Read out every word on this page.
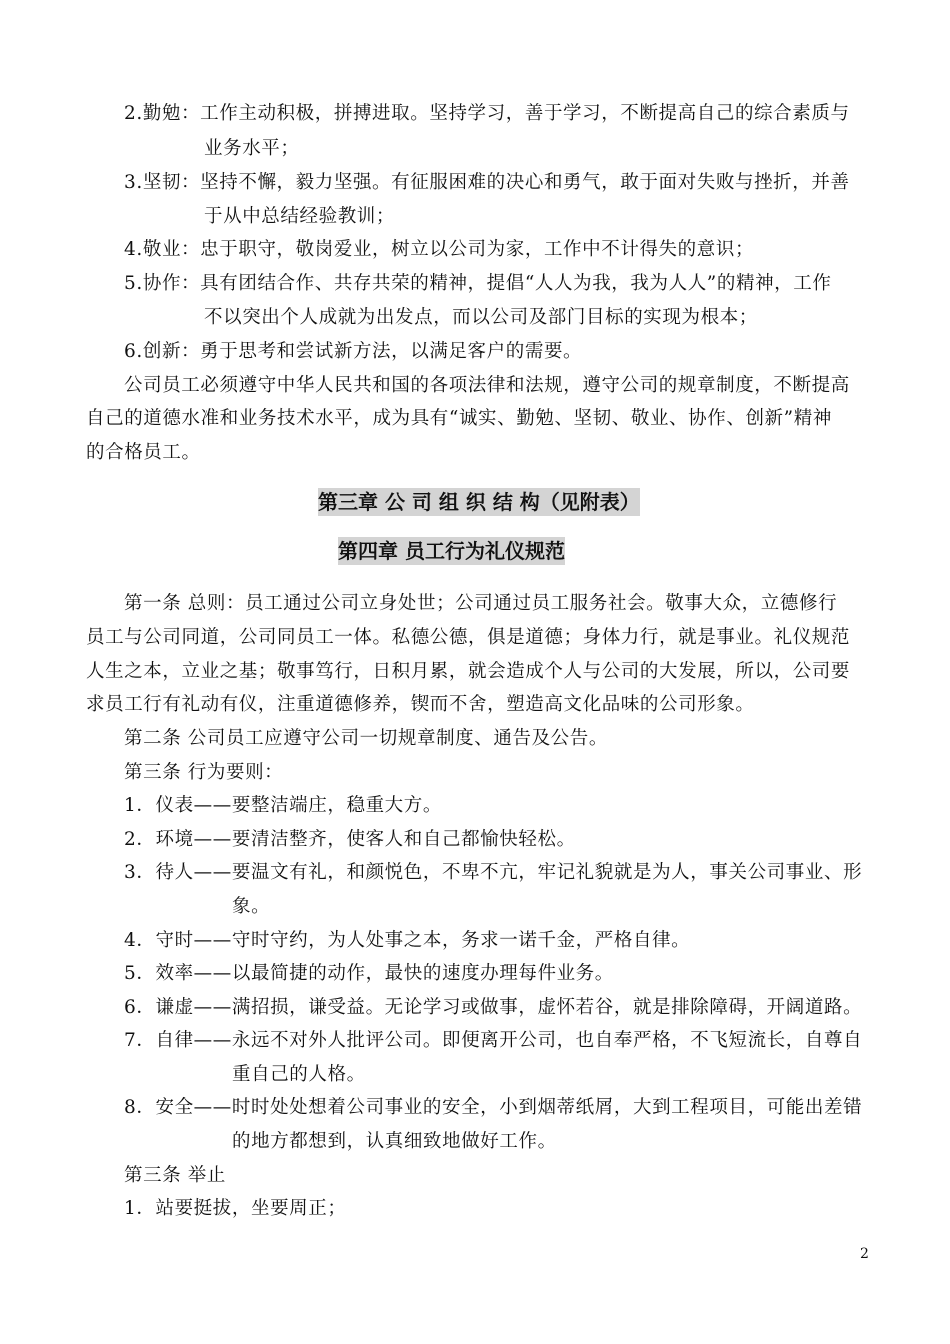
2.勤勉：工作主动积极，拼搏进取。坚持学习，善于学习，不断提高自己的综合素质与
业务水平；
3.坚韧：坚持不懈，毅力坚强。有征服困难的决心和勇气，敢于面对失败与挫折，并善
于从中总结经验教训；
4.敬业：忠于职守，敬岗爱业，树立以公司为家，工作中不计得失的意识；
5.协作：具有团结合作、共存共荣的精神，提倡“人人为我，我为人人”的精神，工作
不以突出个人成就为出发点，而以公司及部门目标的实现为根本；
6.创新：勇于思考和尝试新方法，以满足客户的需要。
公司员工必须遵守中华人民共和国的各项法律和法规，遵守公司的规章制度，不断提高
自己的道德水准和业务技术水平，成为具有“诚实、勤勉、坚韧、敬业、协作、创新”精神
的合格员工。
第三章 公 司 组 织 结 构（见附表）
第四章 员工行为礼仪规范
第一条 总则：员工通过公司立身处世；公司通过员工服务社会。敬事大众，立德修行
员工与公司同道，公司同员工一体。私德公德，俱是道德；身体力行，就是事业。礼仪规范
人生之本，立业之基；敬事笃行，日积月累，就会造成个人与公司的大发展，所以，公司要
求员工行有礼动有仪，注重道德修养，锲而不舍，塑造高文化品味的公司形象。
第二条 公司员工应遵守公司一切规章制度、通告及公告。
第三条 行为要则：
1．仪表——要整洁端庄，稳重大方。
2．环境——要清洁整齐，使客人和自己都愉快轻松。
3．待人——要温文有礼，和颜悦色，不卑不亢，牢记礼貌就是为人，事关公司事业、形
象。
4．守时——守时守约，为人处事之本，务求一诺千金，严格自律。
5．效率——以最简捷的动作，最快的速度办理每件业务。
6．谦虚——满招损，谦受益。无论学习或做事，虚怀若谷，就是排除障碍，开阔道路。
7．自律——永远不对外人批评公司。即便离开公司，也自奉严格，不飞短流长，自尊自
重自己的人格。
8．安全——时时处处想着公司事业的安全，小到烟蒂纸屑，大到工程项目，可能出差错
的地方都想到，认真细致地做好工作。
第三条 举止
1．站要挺拔，坐要周正；
2
